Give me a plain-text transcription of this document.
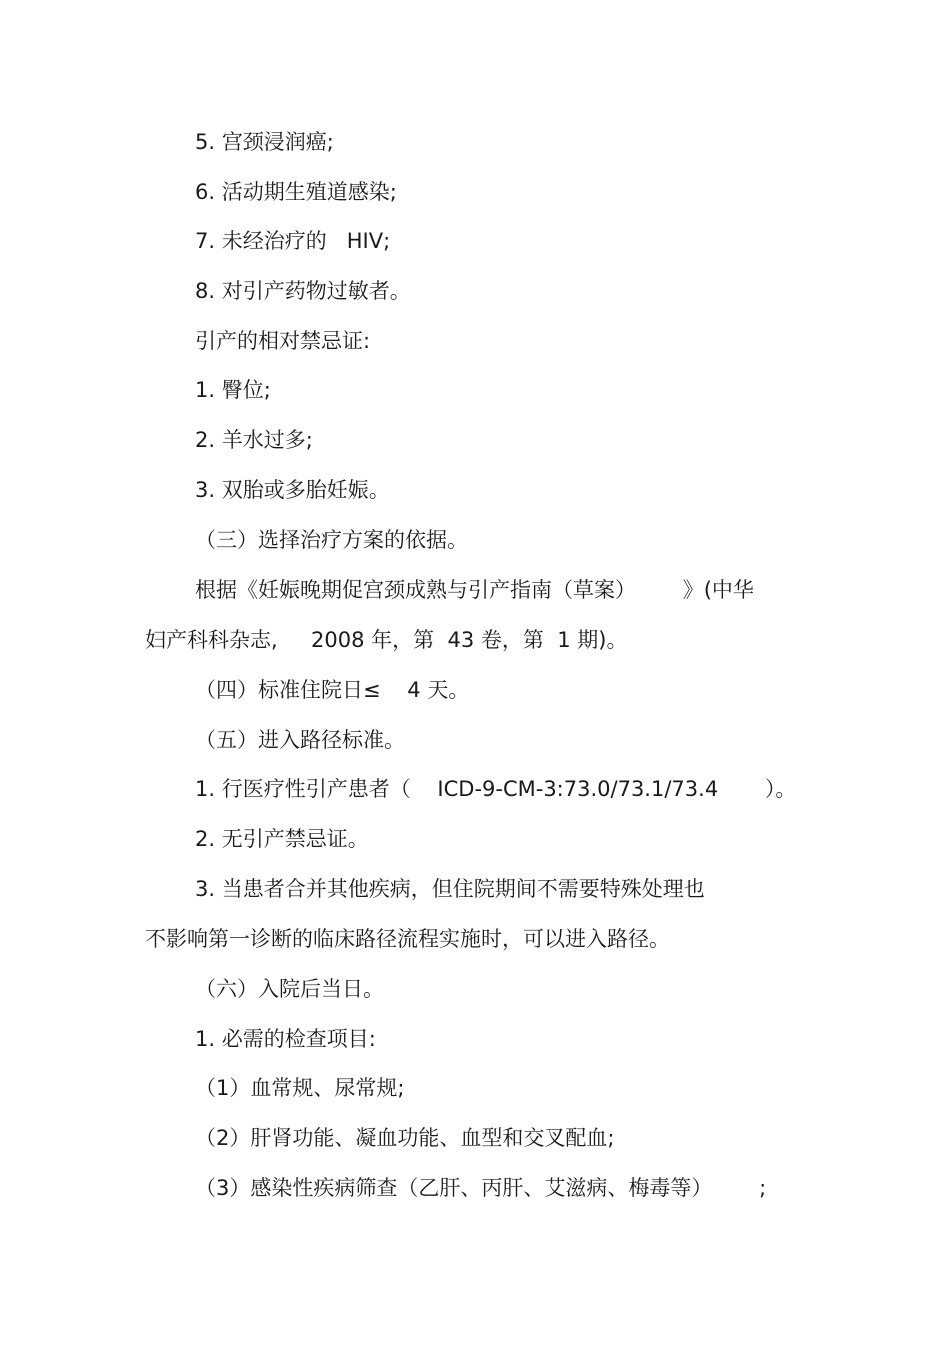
5. 宫颈浸润癌;
6. 活动期生殖道感染;
7. 未经治疗的   HIV;
8. 对引产药物过敏者。
引产的相对禁忌证:
1. 臀位;
2. 羊水过多;
3. 双胎或多胎妊娠。
（三）选择治疗方案的依据。
根据《妊娠晚期促宫颈成熟与引产指南（草案）       》(中华
妇产科科杂志,     2008 年，第  43 卷，第  1 期)。
（四）标准住院日≤    4 天。
（五）进入路径标准。
1. 行医疗性引产患者（    ICD-9-CM-3:73.0/73.1/73.4       ）。
2. 无引产禁忌证。
3. 当患者合并其他疾病，但住院期间不需要特殊处理也
不影响第一诊断的临床路径流程实施时，可以进入路径。
（六）入院后当日。
1. 必需的检查项目:
（1）血常规、尿常规;
（2）肝肾功能、凝血功能、血型和交叉配血;
（3）感染性疾病筛查（乙肝、丙肝、艾滋病、梅毒等）       ;
